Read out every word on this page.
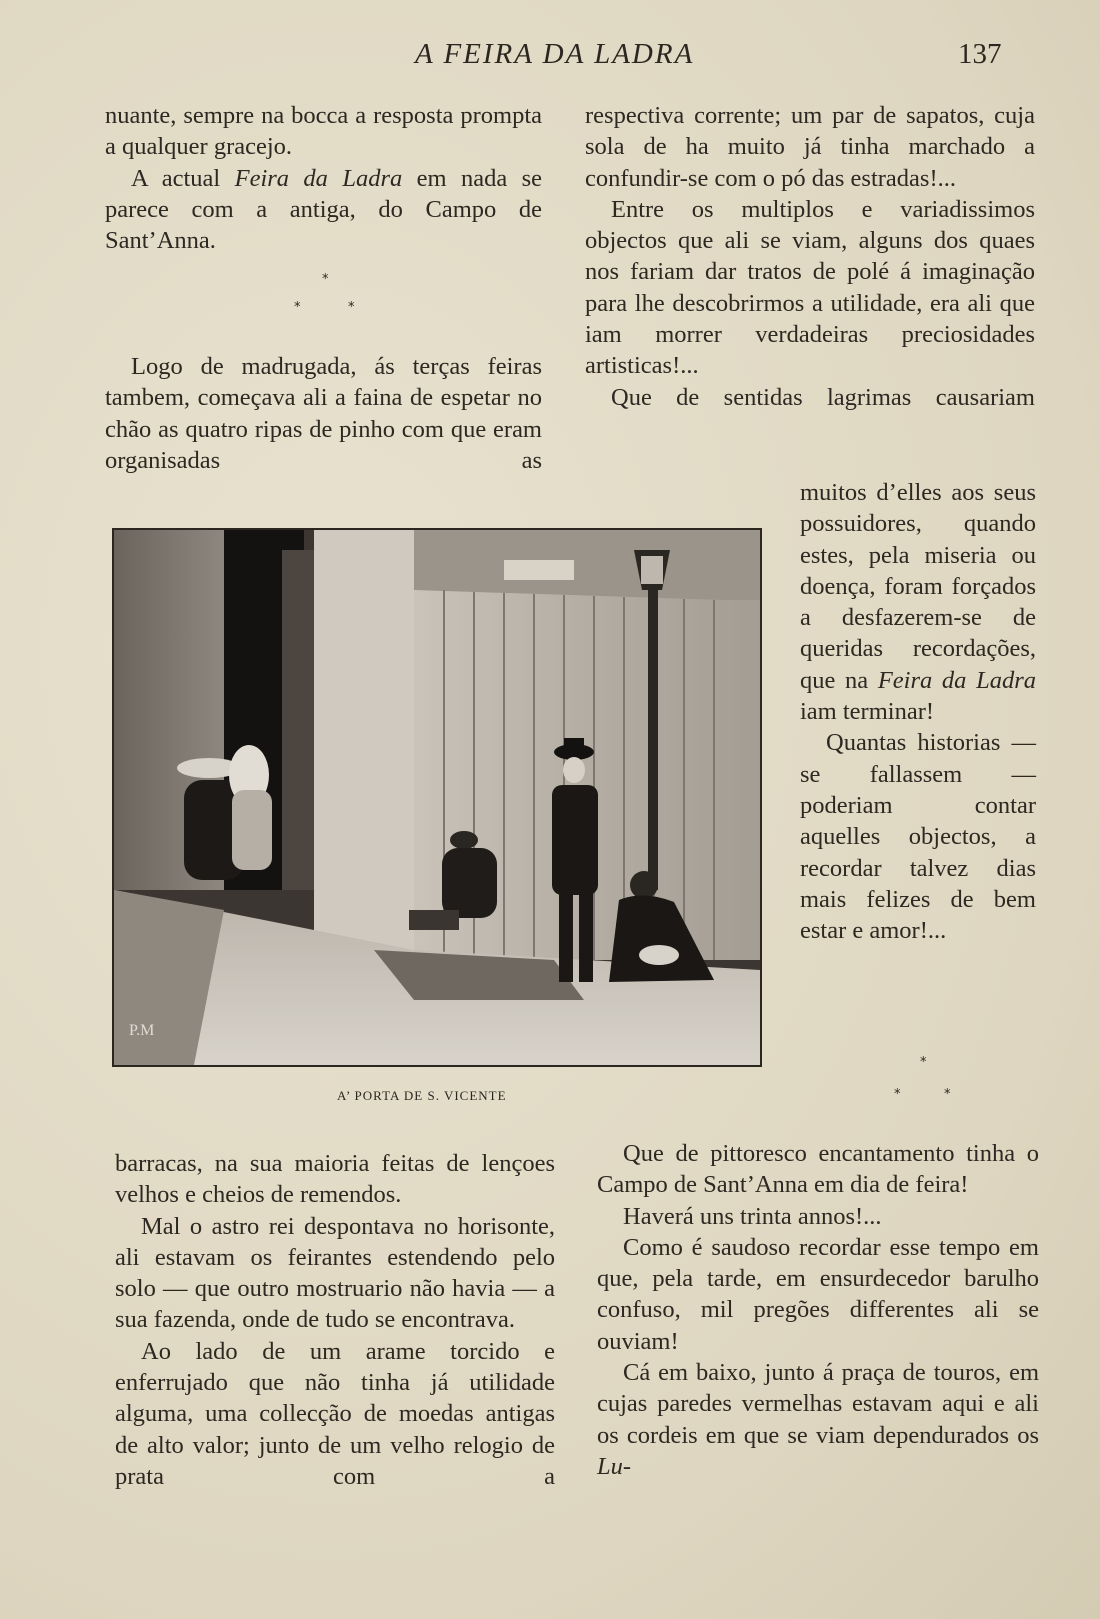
A FEIRA DA LADRA	137

nuante, sempre na bocca a resposta prompta a qualquer gracejo.

A actual Feira da Ladra em nada se parece com a antiga, do Campo de Sant’Anna.

*
*	*

Logo de madrugada, ás terças feiras tambem, começava ali a faina de espetar no chão as quatro ripas de pinho com que eram organisadas as

respectiva corrente; um par de sapatos, cuja sola de ha muito já tinha marchado a confundir-se com o pó das estradas!...

Entre os multiplos e variadissimos objectos que ali se viam, alguns dos quaes nos fariam dar tratos de polé á imaginação para lhe descobrirmos a utilidade, era ali que iam morrer verdadeiras preciosidades artisticas!...

Que de sentidas lagrimas causariam

muitos d’elles aos seus possuidores, quando estes, pela miseria ou doença, foram forçados a desfazerem-se de queridas recordações, que na Feira da Ladra iam terminar!

Quantas historias — se fallassem — poderiam contar aquelles objectos, a recordar talvez dias mais felizes de bem estar e amor!...

*
*	*
P.M
A’ PORTA DE S. VICENTE

barracas, na sua maioria feitas de lençoes velhos e cheios de remendos.

Mal o astro rei despontava no horisonte, ali estavam os feirantes estendendo pelo solo — que outro mostruario não havia — a sua fazenda, onde de tudo se encontrava.

Ao lado de um arame torcido e enferrujado que não tinha já utilidade alguma, uma collecção de moedas antigas de alto valor; junto de um velho relogio de prata com a

Que de pittoresco encantamento tinha o Campo de Sant’Anna em dia de feira!

Haverá uns trinta annos!...

Como é saudoso recordar esse tempo em que, pela tarde, em ensurdecedor barulho confuso, mil pregões differentes ali se ouviam!

Cá em baixo, junto á praça de touros, em cujas paredes vermelhas estavam aqui e ali os cordeis em que se viam dependurados os Lu-
